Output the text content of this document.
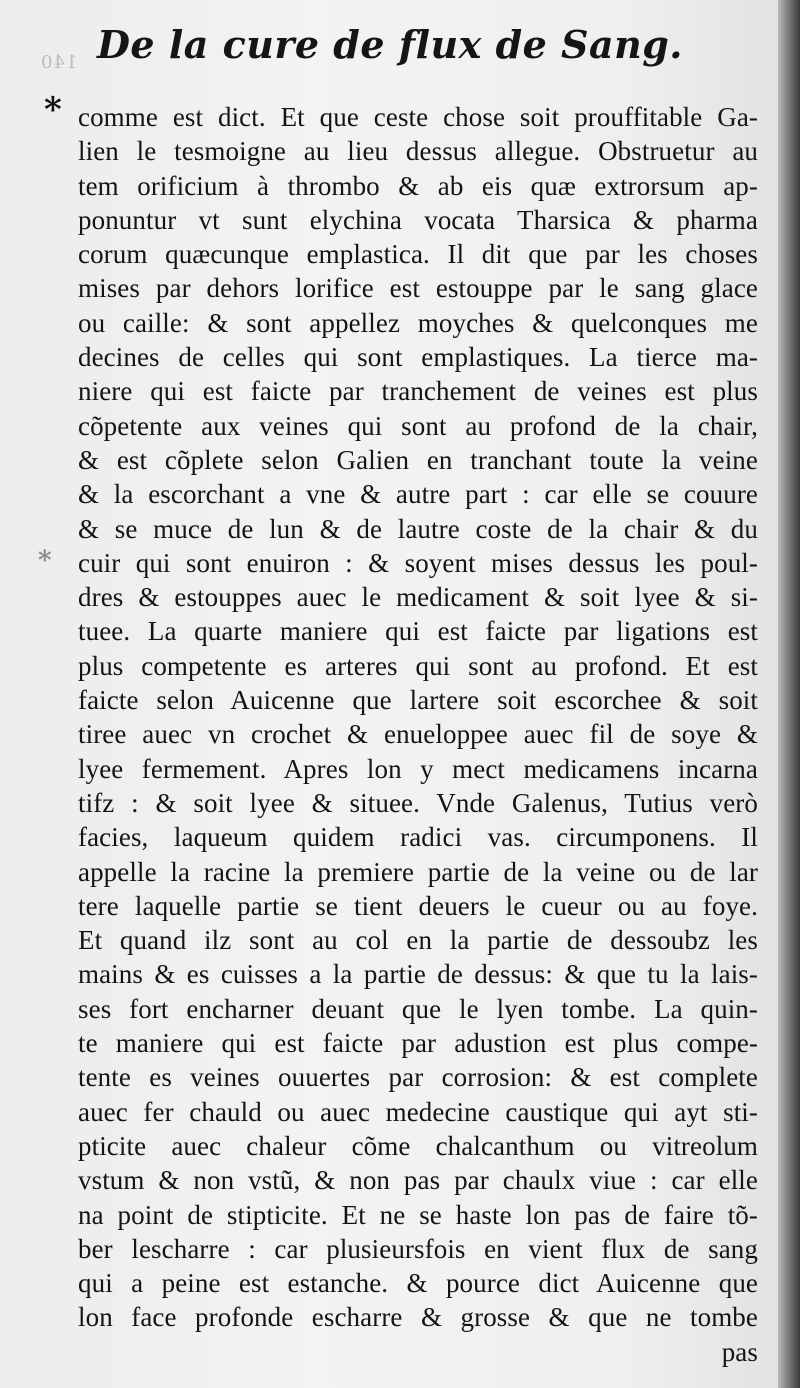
140 De la cure de flux de Sang.
*
*
comme est dict. Et que ceste chose soit prouffitable Ga-
lien le tesmoigne au lieu dessus allegue. Obstruetur au
tem orificium à thrombo & ab eis quæ extrorsum ap-
ponuntur vt sunt elychina vocata Tharsica & pharma
corum quæcunque emplastica. Il dit que par les choses
mises par dehors lorifice est estouppe par le sang glace
ou caille: & sont appellez moyches & quelconques me
decines de celles qui sont emplastiques. La tierce ma-
niere qui est faicte par tranchement de veines est plus
cõpetente aux veines qui sont au profond de la chair,
& est cõplete selon Galien en tranchant toute la veine
& la escorchant a vne & autre part : car elle se couure
& se muce de lun & de lautre coste de la chair & du
cuir qui sont enuiron : & soyent mises dessus les poul-
dres & estouppes auec le medicament & soit lyee & si-
tuee. La quarte maniere qui est faicte par ligations est
plus competente es arteres qui sont au profond. Et est
faicte selon Auicenne que lartere soit escorchee & soit
tiree auec vn crochet & enueloppee auec fil de soye &
lyee fermement. Apres lon y mect medicamens incarna
tifz : & soit lyee & situee. Vnde Galenus, Tutius verò
facies, laqueum quidem radici vas. circumponens. Il
appelle la racine la premiere partie de la veine ou de lar
tere laquelle partie se tient deuers le cueur ou au foye.
Et quand ilz sont au col en la partie de dessoubz les
mains & es cuisses a la partie de dessus: & que tu la lais-
ses fort encharner deuant que le lyen tombe. La quin-
te maniere qui est faicte par adustion est plus compe-
tente es veines ouuertes par corrosion: & est complete
auec fer chauld ou auec medecine caustique qui ayt sti-
pticite auec chaleur cõme chalcanthum ou vitreolum
vstum & non vstũ, & non pas par chaulx viue : car elle
na point de stipticite. Et ne se haste lon pas de faire tõ-
ber lescharre : car plusieursfois en vient flux de sang
qui a peine est estanche. & pource dict Auicenne que
lon face profonde escharre & grosse & que ne tombe
pas
